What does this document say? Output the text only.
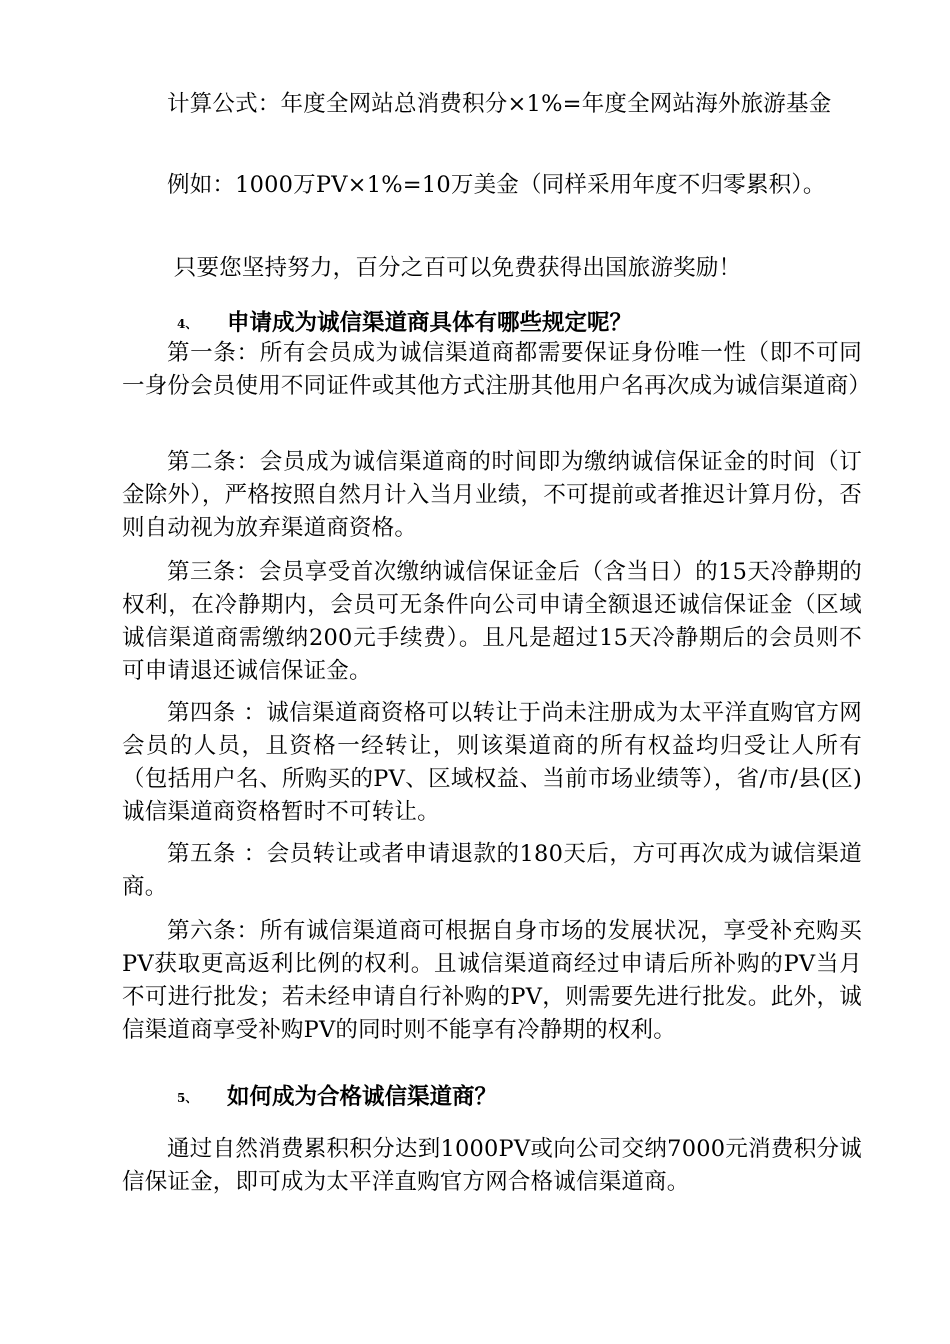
计算公式：年度全网站总消费积分×1%=年度全网站海外旅游基金

例如：1000万PV×1%=10万美金（同样采用年度不归零累积）。

只要您坚持努力，百分之百可以免费获得出国旅游奖励！

4、 申请成为诚信渠道商具体有哪些规定呢？

第一条：所有会员成为诚信渠道商都需要保证身份唯一性（即不可同一身份会员使用不同证件或其他方式注册其他用户名再次成为诚信渠道商）

第二条：会员成为诚信渠道商的时间即为缴纳诚信保证金的时间（订金除外），严格按照自然月计入当月业绩，不可提前或者推迟计算月份，否则自动视为放弃渠道商资格。

第三条：会员享受首次缴纳诚信保证金后（含当日）的15天冷静期的权利，在冷静期内，会员可无条件向公司申请全额退还诚信保证金（区域诚信渠道商需缴纳200元手续费）。且凡是超过15天冷静期后的会员则不可申请退还诚信保证金。

第四条 ：诚信渠道商资格可以转让于尚未注册成为太平洋直购官方网会员的人员，且资格一经转让，则该渠道商的所有权益均归受让人所有（包括用户名、所购买的PV、区域权益、当前市场业绩等），省/市/县(区)诚信渠道商资格暂时不可转让。

第五条 ：会员转让或者申请退款的180天后，方可再次成为诚信渠道商。

第六条：所有诚信渠道商可根据自身市场的发展状况，享受补充购买PV获取更高返利比例的权利。且诚信渠道商经过申请后所补购的PV当月不可进行批发；若未经申请自行补购的PV，则需要先进行批发。此外，诚信渠道商享受补购PV的同时则不能享有冷静期的权利。

5、 如何成为合格诚信渠道商？

通过自然消费累积积分达到1000PV或向公司交纳7000元消费积分诚信保证金，即可成为太平洋直购官方网合格诚信渠道商。
